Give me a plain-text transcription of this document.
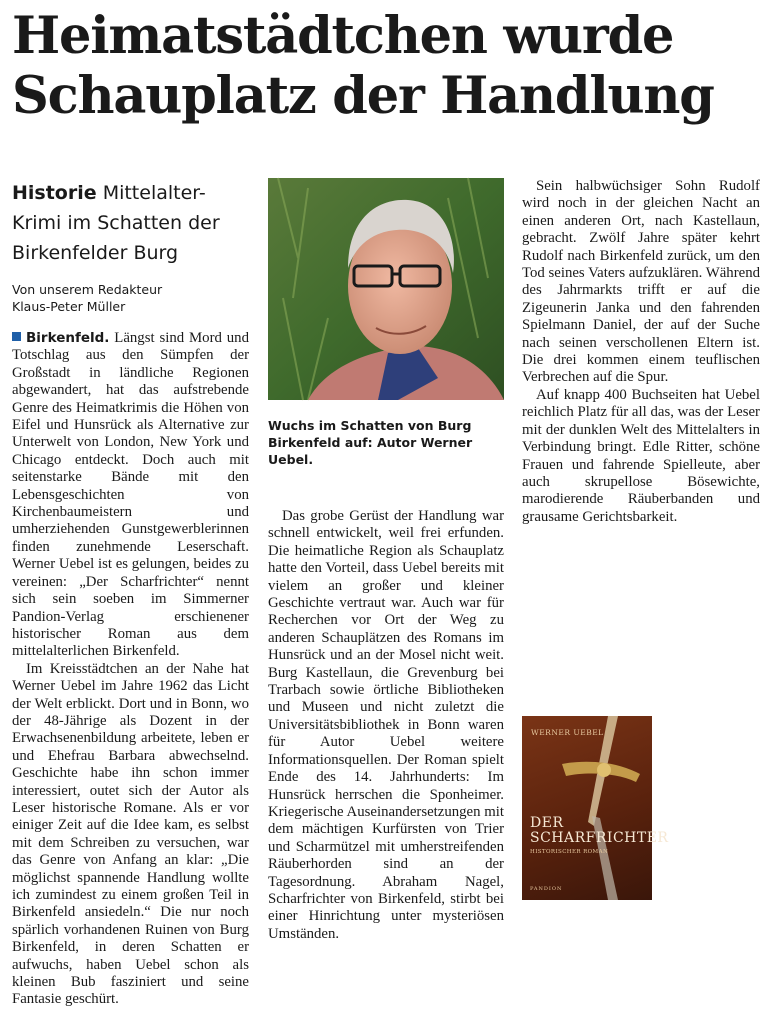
Heimatstädtchen wurde
Schauplatz der Handlung
Historie Mittelalter-Krimi im Schatten der Birkenfelder Burg
Von unserem Redakteur
Klaus-Peter Müller

Birkenfeld. Längst sind Mord und Totschlag aus den Sümpfen der Großstadt in ländliche Regionen abgewandert, hat das aufstrebende Genre des Heimatkrimis die Höhen von Eifel und Hunsrück als Alternative zur Unterwelt von London, New York und Chicago entdeckt. Doch auch mit seitenstarke Bände mit den Lebensgeschichten von Kirchenbaumeistern und umherziehenden Gunstgewerblerinnen finden zunehmende Leserschaft. Werner Uebel ist es gelungen, beides zu vereinen: „Der Scharfrichter“ nennt sich sein soeben im Simmerner Pandion-Verlag erschienener historischer Roman aus dem mittelalterlichen Birkenfeld.

Im Kreisstädtchen an der Nahe hat Werner Uebel im Jahre 1962 das Licht der Welt erblickt. Dort und in Bonn, wo der 48-Jährige als Dozent in der Erwachsenenbildung arbeitete, leben er und Ehefrau Barbara abwechselnd. Geschichte habe ihn schon immer interessiert, outet sich der Autor als Leser historische Romane. Als er vor einiger Zeit auf die Idee kam, es selbst mit dem Schreiben zu versuchen, war das Genre von Anfang an klar: „Die möglichst spannende Handlung wollte ich zumindest zu einem großen Teil in Birkenfeld ansiedeln.“ Die nur noch spärlich vorhandenen Ruinen von Burg Birkenfeld, in deren Schatten er aufwuchs, haben Uebel schon als kleinen Bub fasziniert und seine Fantasie geschürt.

Wuchs im Schatten von Burg Birkenfeld auf: Autor Werner Uebel.

Das grobe Gerüst der Handlung war schnell entwickelt, weil frei erfunden. Die heimatliche Region als Schauplatz hatte den Vorteil, dass Uebel bereits mit vielem an großer und kleiner Geschichte vertraut war. Auch war für Recherchen vor Ort der Weg zu anderen Schauplätzen des Romans im Hunsrück und an der Mosel nicht weit. Burg Kastellaun, die Grevenburg bei Trarbach sowie örtliche Bibliotheken und Museen und nicht zuletzt die Universitätsbibliothek in Bonn waren für Autor Uebel weitere Informationsquellen. Der Roman spielt Ende des 14. Jahrhunderts: Im Hunsrück herrschen die Sponheimer. Kriegerische Auseinandersetzungen mit dem mächtigen Kurfürsten von Trier und Scharmützel mit umherstreifenden Räuberhorden sind an der Tagesordnung. Abraham Nagel, Scharfrichter von Birkenfeld, stirbt bei einer Hinrichtung unter mysteriösen Umständen.

Sein halbwüchsiger Sohn Rudolf wird noch in der gleichen Nacht an einen anderen Ort, nach Kastellaun, gebracht. Zwölf Jahre später kehrt Rudolf nach Birkenfeld zurück, um den Tod seines Vaters aufzuklären. Während des Jahrmarkts trifft er auf die Zigeunerin Janka und den fahrenden Spielmann Daniel, der auf der Suche nach seinen verschollenen Eltern ist. Die drei kommen einem teuflischen Verbrechen auf die Spur.

Auf knapp 400 Buchseiten hat Uebel reichlich Platz für all das, was der Leser mit der dunklen Welt des Mittelalters in Verbindung bringt. Edle Ritter, schöne Frauen und fahrende Spielleute, aber auch skrupellose Bösewichte, marodierende Räuberbanden und grausame Gerichtsbarkeit.

WERNER UEBEL
DER
SCHARFRICHTER
HISTORISCHER ROMAN
PANDION
